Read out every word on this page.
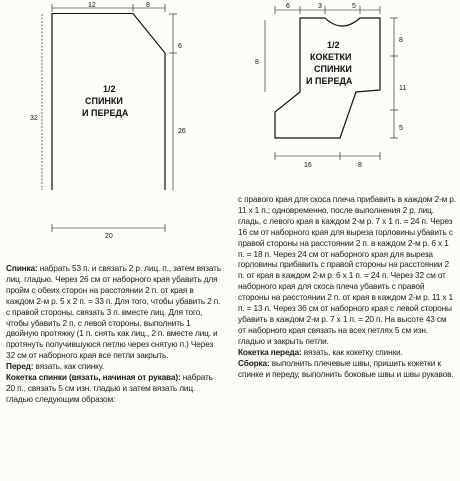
12	8
6
26
32
1/2
СПИНКИ
И ПЕРЕДА
6	3	5
8
11
5
8
16	8
1/2
КОКЕТКИ
СПИНКИ
И ПЕРЕДА
20

Спинка: набрать 53 п. и связать 2 р. лиц. п., затем вязать лиц. гладью. Через 26 см от наборного края убавить для пройм с обеих сторон на расстоянии 2 п. от края в каждом 2-м р. 5 х 2 п. = 33 п. Для того, чтобы убавить 2 п. с правой стороны, связать 3 п. вместе лиц. Для того, чтобы убавить 2 п. с левой стороны, выполнить 1 двойную протяжку (1 п. снять как лиц., 2 п. вместе лиц. и протянуть получившуюся петлю через снятую п.) Через 32 см от наборного края все петли закрыть.

Перед: вязать, как спинку.

Кокетка спинки (вязать, начиная от рукава): набрать 20 п., связать 5 см изн. гладью и затем вязать лиц. гладью следующим образом:

с правого края для скоса плеча прибавить в каждом 2-м р. 11 х 1 п.; одновременно, после выполнения 2 р. лиц. гладь, с левого края в каждом 2-м р. 7 х 1 п. = 24 п. Через 16 см от наборного края для выреза горловины убавить с правой стороны на расстоянии 2 п. в каждом 2-м р. 6 х 1 п. = 18 п. Через 24 см от наборного края для выреза горловины прибавить с правой стороны на расстоянии 2 п. от края в каждом 2-м р. 6 х 1 п. = 24 п. Через 32 см от наборного края для скоса плеча убавить с правой стороны на расстоянии 2 п. от края в каждом 2-м р. 11 х 1 п. = 13 п. Через 36 см от наборного края с левой стороны убавить в каждом 2-м р. 7 х 1 п. = 20 п. На высоте 43 см от наборного края связать на всех петлях 5 см изн. гладью и закрыть петли.

Кокетка переда: вязать, как кокетку спинки.

Сборка: выполнить плечевые швы, пришить кокетки к спинке и переду, выполнить боковые швы и швы рукавов.
